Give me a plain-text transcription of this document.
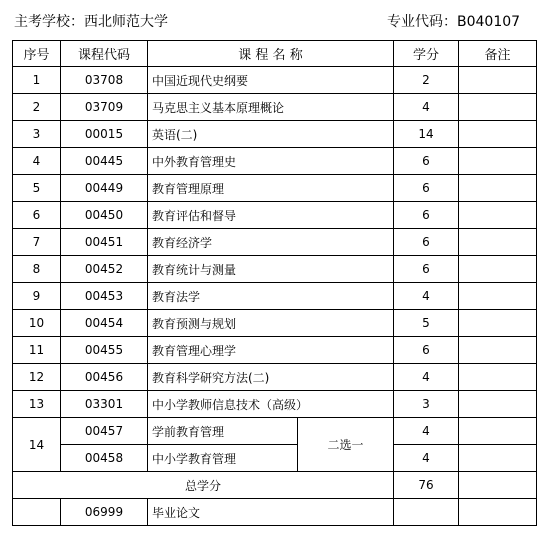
主考学校：西北师范大学	专业代码：B040107
序号	课程代码	课 程 名 称		学分	备注
1	03708	中国近现代史纲要		2	
2	03709	马克思主义基本原理概论		4	
3	00015	英语(二)		14	
4	00445	中外教育管理史		6	
5	00449	教育管理原理		6	
6	00450	教育评估和督导		6	
7	00451	教育经济学		6	
8	00452	教育统计与测量		6	
9	00453	教育法学		4	
10	00454	教育预测与规划		5	
11	00455	教育管理心理学		6	
12	00456	教育科学研究方法(二)		4	
13	03301	中小学教师信息技术（高级）		3	
14	00457	学前教育管理	二选一	4	
	00458	中小学教育管理		4	
总学分				76	
	06999	毕业论文			
